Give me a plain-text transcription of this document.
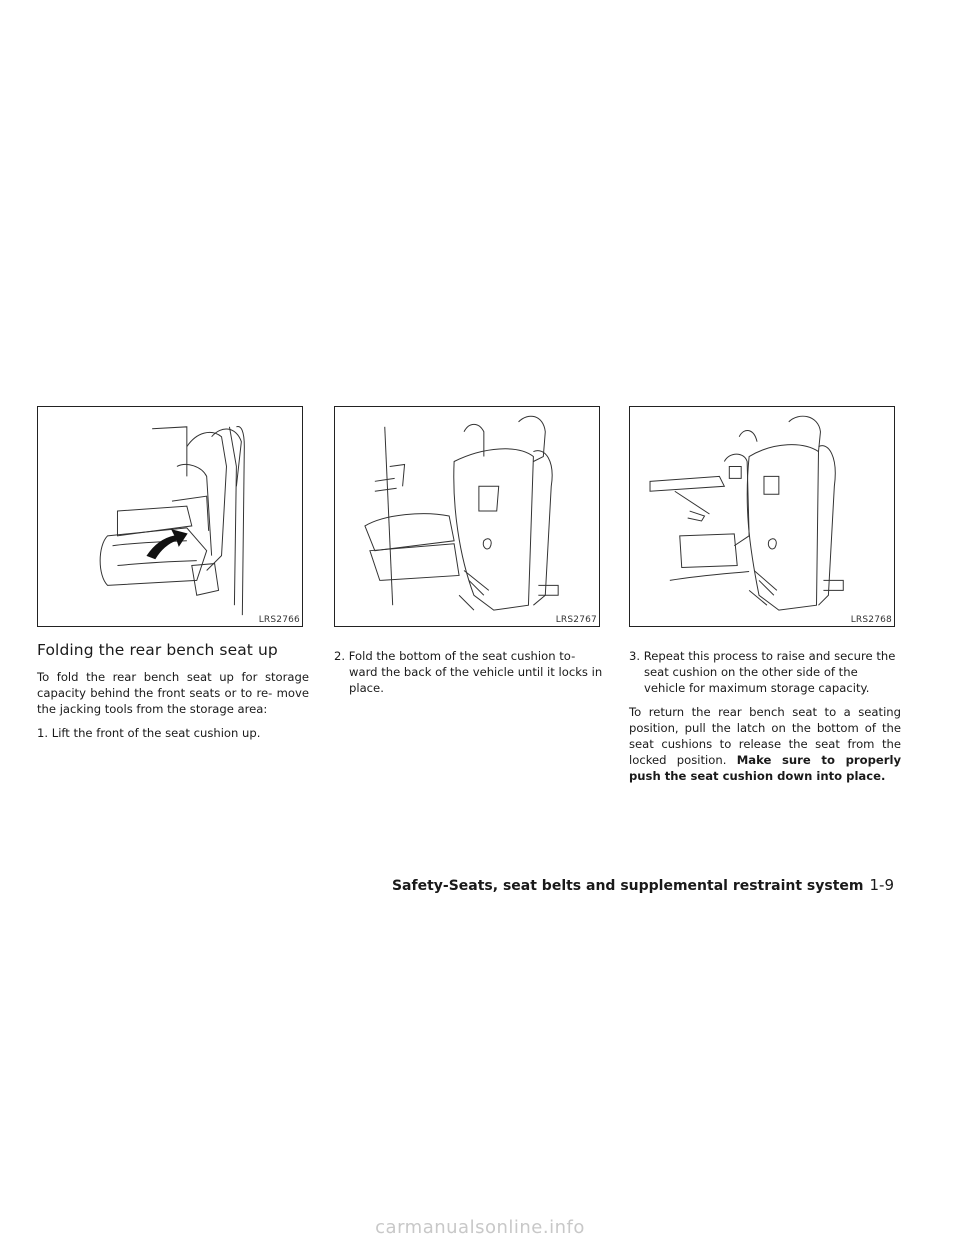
LRS2766	LRS2767	LRS2768
Folding the rear bench seat up

To fold the rear bench seat up for storage capacity behind the front seats or to re- move the jacking tools from the storage area:

1. Lift the front of the seat cushion up.

2. Fold the bottom of the seat cushion to- ward the back of the vehicle until it locks in place.

3. Repeat this process to raise and secure the seat cushion on the other side of the vehicle for maximum storage capacity.

To return the rear bench seat to a seating position, pull the latch on the bottom of the seat cushions to release the seat from the locked position. Make sure to properly push the seat cushion down into place.

Safety-Seats, seat belts and supplemental restraint system 1-9
carmanualsonline.info
